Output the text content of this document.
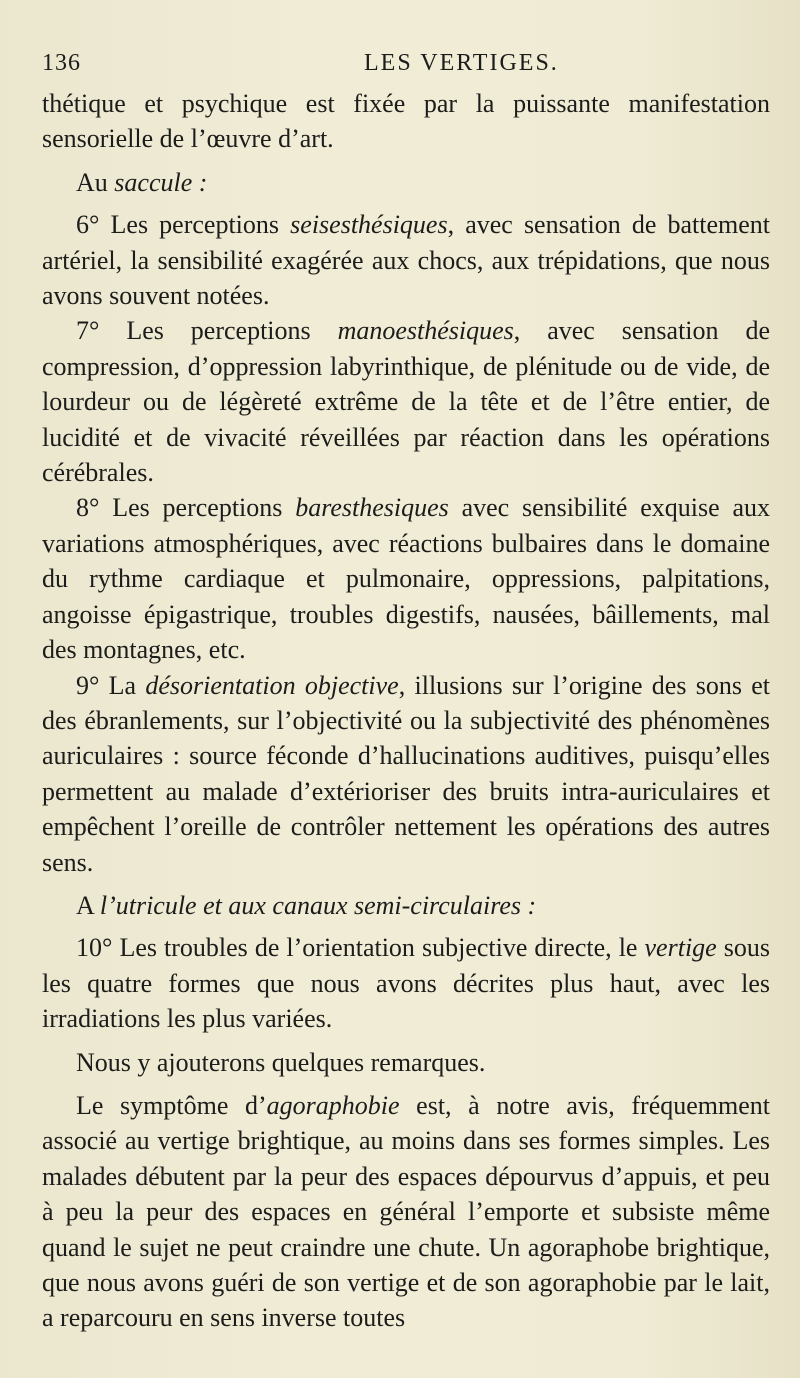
136	LES VERTIGES.

thétique et psychique est fixée par la puissante manifestation sensorielle de l’œuvre d’art.

Au saccule :

6° Les perceptions seisesthésiques, avec sensation de battement artériel, la sensibilité exagérée aux chocs, aux trépidations, que nous avons souvent notées.

7° Les perceptions manoesthésiques, avec sensation de compression, d’oppression labyrinthique, de plénitude ou de vide, de lourdeur ou de légèreté extrême de la tête et de l’être entier, de lucidité et de vivacité réveillées par réaction dans les opérations cérébrales.

8° Les perceptions baresthesiques avec sensibilité exquise aux variations atmosphériques, avec réactions bulbaires dans le domaine du rythme cardiaque et pulmonaire, oppressions, palpitations, angoisse épigastrique, troubles digestifs, nausées, bâillements, mal des montagnes, etc.

9° La désorientation objective, illusions sur l’origine des sons et des ébranlements, sur l’objectivité ou la subjectivité des phénomènes auriculaires : source féconde d’hallucinations auditives, puisqu’elles permettent au malade d’extérioriser des bruits intra-auriculaires et empêchent l’oreille de contrôler nettement les opérations des autres sens.

A l’utricule et aux canaux semi-circulaires :

10° Les troubles de l’orientation subjective directe, le vertige sous les quatre formes que nous avons décrites plus haut, avec les irradiations les plus variées.

Nous y ajouterons quelques remarques.

Le symptôme d’agoraphobie est, à notre avis, fréquemment associé au vertige brightique, au moins dans ses formes simples. Les malades débutent par la peur des espaces dépourvus d’appuis, et peu à peu la peur des espaces en général l’emporte et subsiste même quand le sujet ne peut craindre une chute. Un agoraphobe brightique, que nous avons guéri de son vertige et de son agoraphobie par le lait, a reparcouru en sens inverse toutes
